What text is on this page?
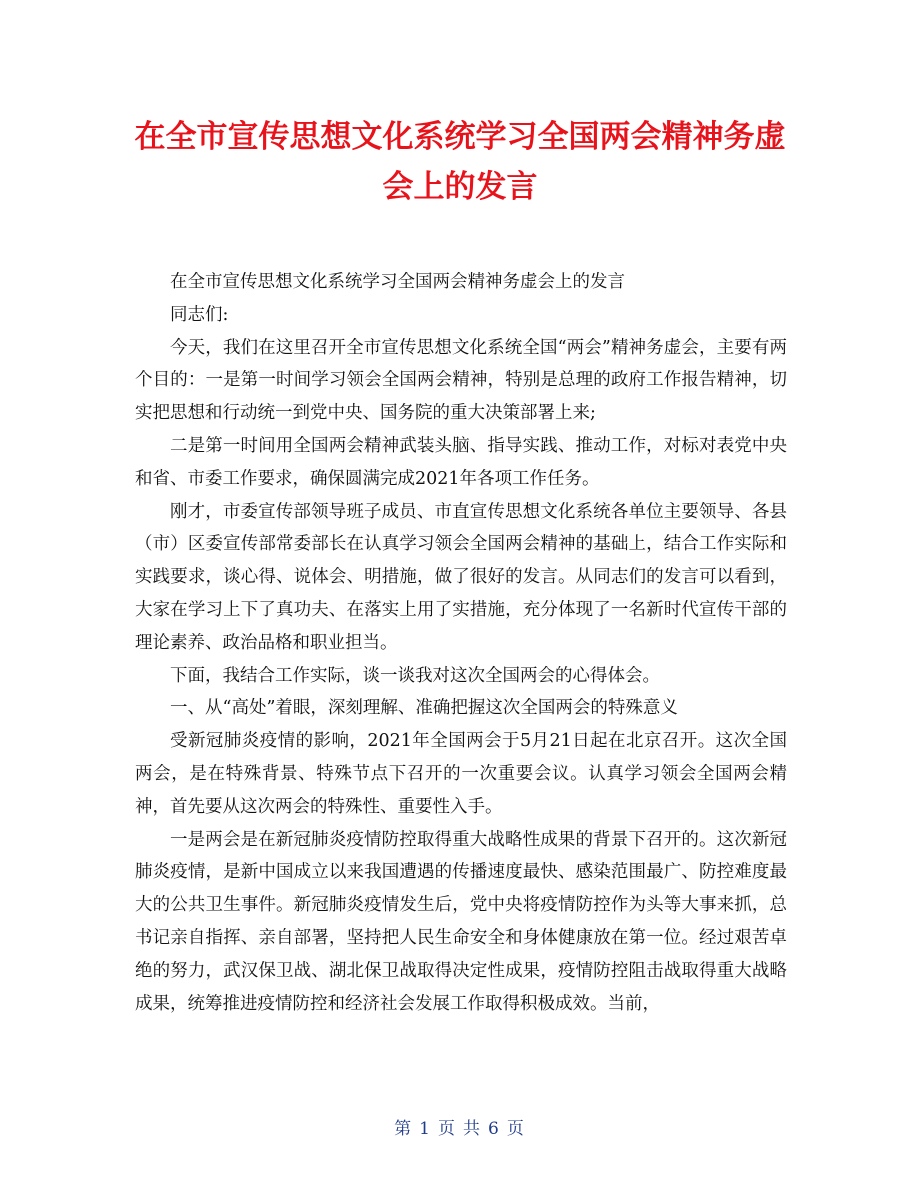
在全市宣传思想文化系统学习全国两会精神务虚会上的发言

在全市宣传思想文化系统学习全国两会精神务虚会上的发言

同志们:

今天，我们在这里召开全市宣传思想文化系统全国“两会”精神务虚会，主要有两个目的：一是第一时间学习领会全国两会精神，特别是总理的政府工作报告精神，切实把思想和行动统一到党中央、国务院的重大决策部署上来;

二是第一时间用全国两会精神武装头脑、指导实践、推动工作，对标对表党中央和省、市委工作要求，确保圆满完成2021年各项工作任务。

刚才，市委宣传部领导班子成员、市直宣传思想文化系统各单位主要领导、各县（市）区委宣传部常委部长在认真学习领会全国两会精神的基础上，结合工作实际和实践要求，谈心得、说体会、明措施，做了很好的发言。从同志们的发言可以看到，大家在学习上下了真功夫、在落实上用了实措施，充分体现了一名新时代宣传干部的理论素养、政治品格和职业担当。

下面，我结合工作实际，谈一谈我对这次全国两会的心得体会。

一、从“高处”着眼，深刻理解、准确把握这次全国两会的特殊意义

受新冠肺炎疫情的影响，2021年全国两会于5月21日起在北京召开。这次全国两会，是在特殊背景、特殊节点下召开的一次重要会议。认真学习领会全国两会精神，首先要从这次两会的特殊性、重要性入手。

一是两会是在新冠肺炎疫情防控取得重大战略性成果的背景下召开的。这次新冠肺炎疫情，是新中国成立以来我国遭遇的传播速度最快、感染范围最广、防控难度最大的公共卫生事件。新冠肺炎疫情发生后，党中央将疫情防控作为头等大事来抓，总书记亲自指挥、亲自部署，坚持把人民生命安全和身体健康放在第一位。经过艰苦卓绝的努力，武汉保卫战、湖北保卫战取得决定性成果，疫情防控阻击战取得重大战略成果，统筹推进疫情防控和经济社会发展工作取得积极成效。当前，

第 1 页 共 6 页
